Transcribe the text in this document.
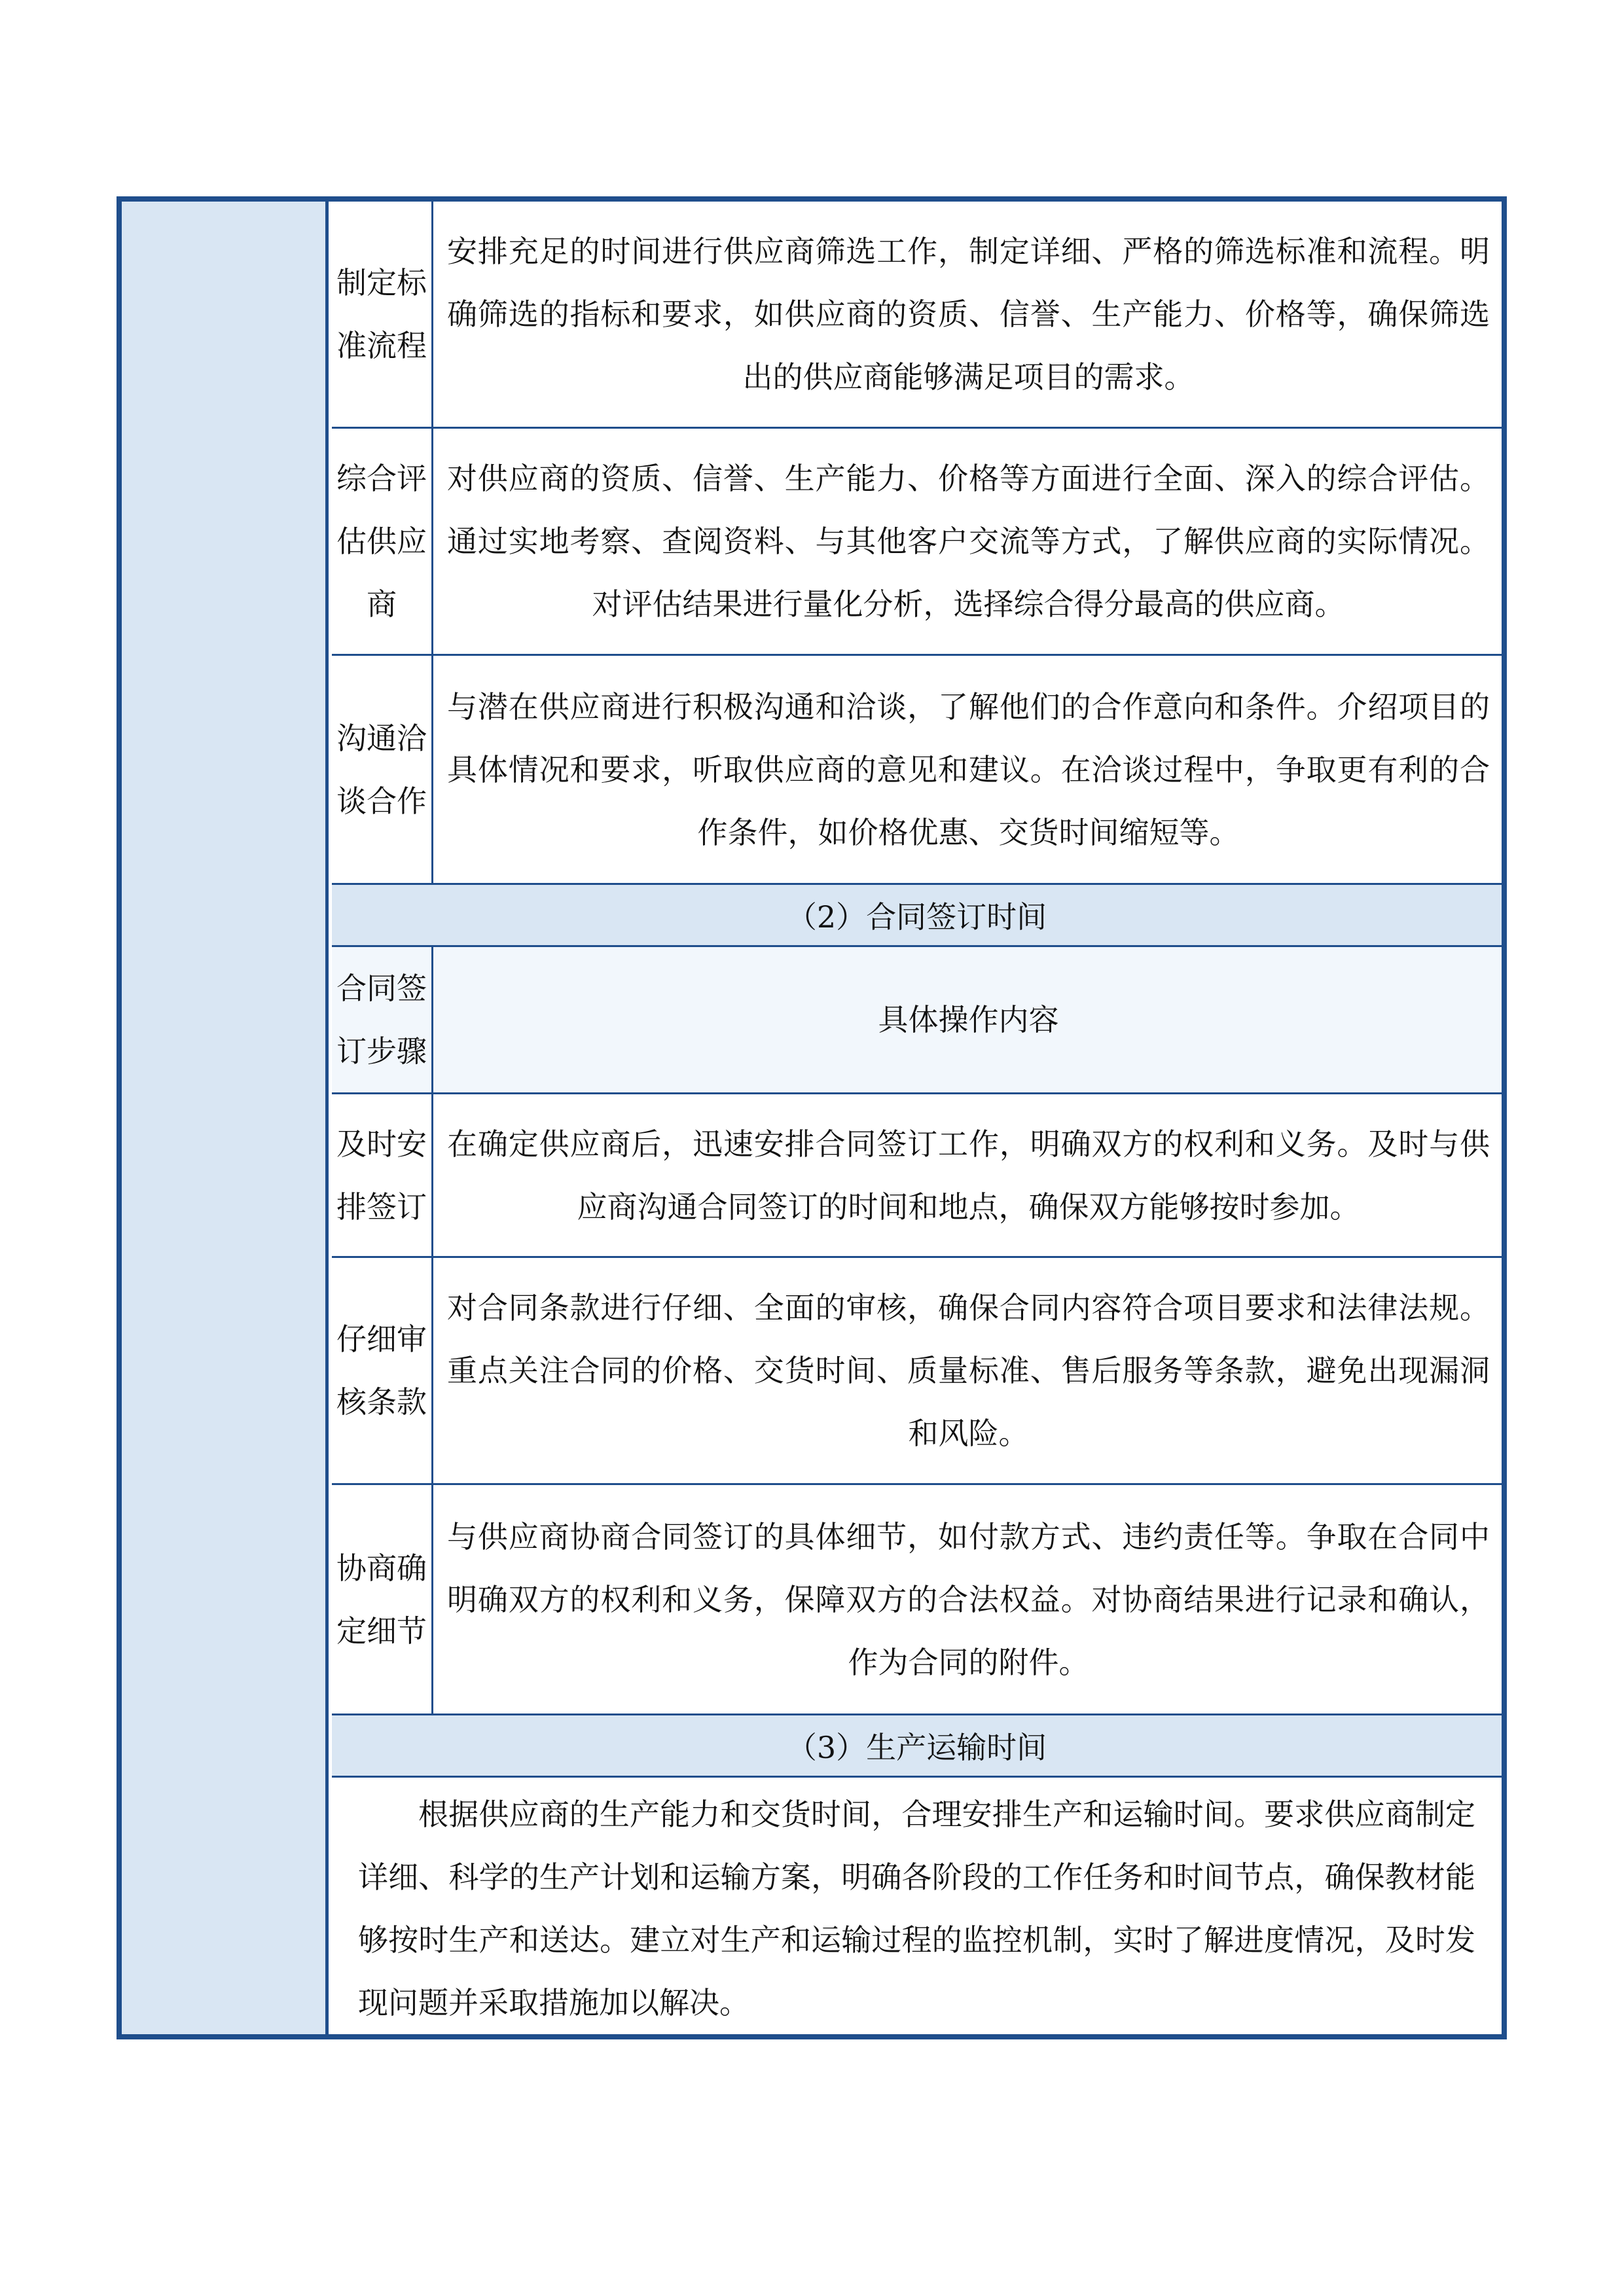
制定标准流程
安排充足的时间进行供应商筛选工作，制定详细、严格的筛选标准和流程。明确筛选的指标和要求，如供应商的资质、信誉、生产能力、价格等，确保筛选出的供应商能够满足项目的需求。
综合评估供应商
对供应商的资质、信誉、生产能力、价格等方面进行全面、深入的综合评估。通过实地考察、查阅资料、与其他客户交流等方式，了解供应商的实际情况。对评估结果进行量化分析，选择综合得分最高的供应商。
沟通洽谈合作
与潜在供应商进行积极沟通和洽谈，了解他们的合作意向和条件。介绍项目的具体情况和要求，听取供应商的意见和建议。在洽谈过程中，争取更有利的合作条件，如价格优惠、交货时间缩短等。
（2）合同签订时间
合同签订步骤
具体操作内容
及时安排签订
在确定供应商后，迅速安排合同签订工作，明确双方的权利和义务。及时与供应商沟通合同签订的时间和地点，确保双方能够按时参加。
仔细审核条款
对合同条款进行仔细、全面的审核，确保合同内容符合项目要求和法律法规。重点关注合同的价格、交货时间、质量标准、售后服务等条款，避免出现漏洞和风险。
协商确定细节
与供应商协商合同签订的具体细节，如付款方式、违约责任等。争取在合同中明确双方的权利和义务，保障双方的合法权益。对协商结果进行记录和确认，作为合同的附件。
（3）生产运输时间
根据供应商的生产能力和交货时间，合理安排生产和运输时间。要求供应商制定详细、科学的生产计划和运输方案，明确各阶段的工作任务和时间节点，确保教材能够按时生产和送达。建立对生产和运输过程的监控机制，实时了解进度情况，及时发现问题并采取措施加以解决。
